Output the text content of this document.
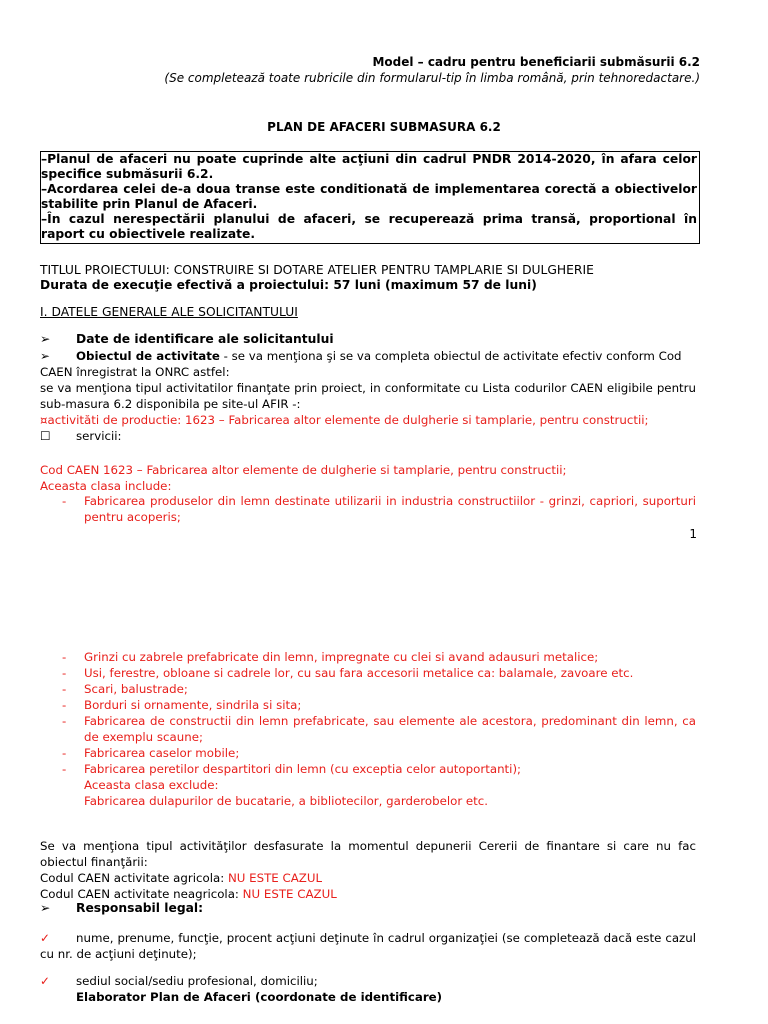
Model – cadru pentru beneficiarii submăsurii 6.2
(Se completează toate rubricile din formularul-tip în limba română, prin tehnoredactare.)
PLAN DE AFACERI SUBMASURA 6.2

–Planul de afaceri nu poate cuprinde alte acţiuni din cadrul PNDR 2014-2020, în afara celor specifice submăsurii 6.2.

–Acordarea celei de-a doua transe este conditionată de implementarea corectă a obiectivelor stabilite prin Planul de Afaceri.

–În cazul nerespectării planului de afaceri, se recuperează prima transă, proportional în raport cu obiectivele realizate.

TITLUL PROIECTULUI: CONSTRUIRE SI DOTARE ATELIER PENTRU TAMPLARIE SI DULGHERIE
Durata de execuţie efectivă a proiectului: 57 luni (maximum 57 de luni)
I. DATELE GENERALE ALE SOLICITANTULUI
➢ Date de identificare ale solicitantului

➢ Obiectul de activitate - se va menţiona şi se va completa obiectul de activitate efectiv conform Cod

CAEN înregistrat la ONRC astfel:

se va menţiona tipul activitatilor finanţate prin proiect, in conformitate cu Lista codurilor CAEN eligibile pentru sub-masura 6.2 disponibila pe site-ul AFIR -:

¤activităti de productie: 1623 – Fabricarea altor elemente de dulgherie si tamplarie, pentru constructii;

☐ servicii:

Cod CAEN 1623 – Fabricarea altor elemente de dulgherie si tamplarie, pentru constructii;

Aceasta clasa include:

- Fabricarea produselor din lemn destinate utilizarii in industria constructiilor - grinzi, capriori, suporturi pentru acoperis;
1
- Grinzi cu zabrele prefabricate din lemn, impregnate cu clei si avand adausuri metalice;
- Usi, ferestre, obloane si cadrele lor, cu sau fara accesorii metalice ca: balamale, zavoare etc.
- Scari, balustrade;
- Borduri si ornamente, sindrila si sita;
- Fabricarea de constructii din lemn prefabricate, sau elemente ale acestora, predominant din lemn, ca de exemplu scaune;
- Fabricarea caselor mobile;
- Fabricarea peretilor despartitori din lemn (cu exceptia celor autoportanti);
Aceasta clasa exclude:
Fabricarea dulapurilor de bucatarie, a bibliotecilor, garderobelor etc.

Se va menţiona tipul activităţilor desfasurate la momentul depunerii Cererii de finantare si care nu fac obiectul finanţării:

Codul CAEN activitate agricola: NU ESTE CAZUL

Codul CAEN activitate neagricola: NU ESTE CAZUL

➢ Responsabil legal:

✓ nume, prenume, funcţie, procent acţiuni deţinute în cadrul organizaţiei (se completează dacă este cazul cu nr. de acţiuni deţinute);

✓ sediul social/sediu profesional, domiciliu;

Elaborator Plan de Afaceri (coordonate de identificare)
